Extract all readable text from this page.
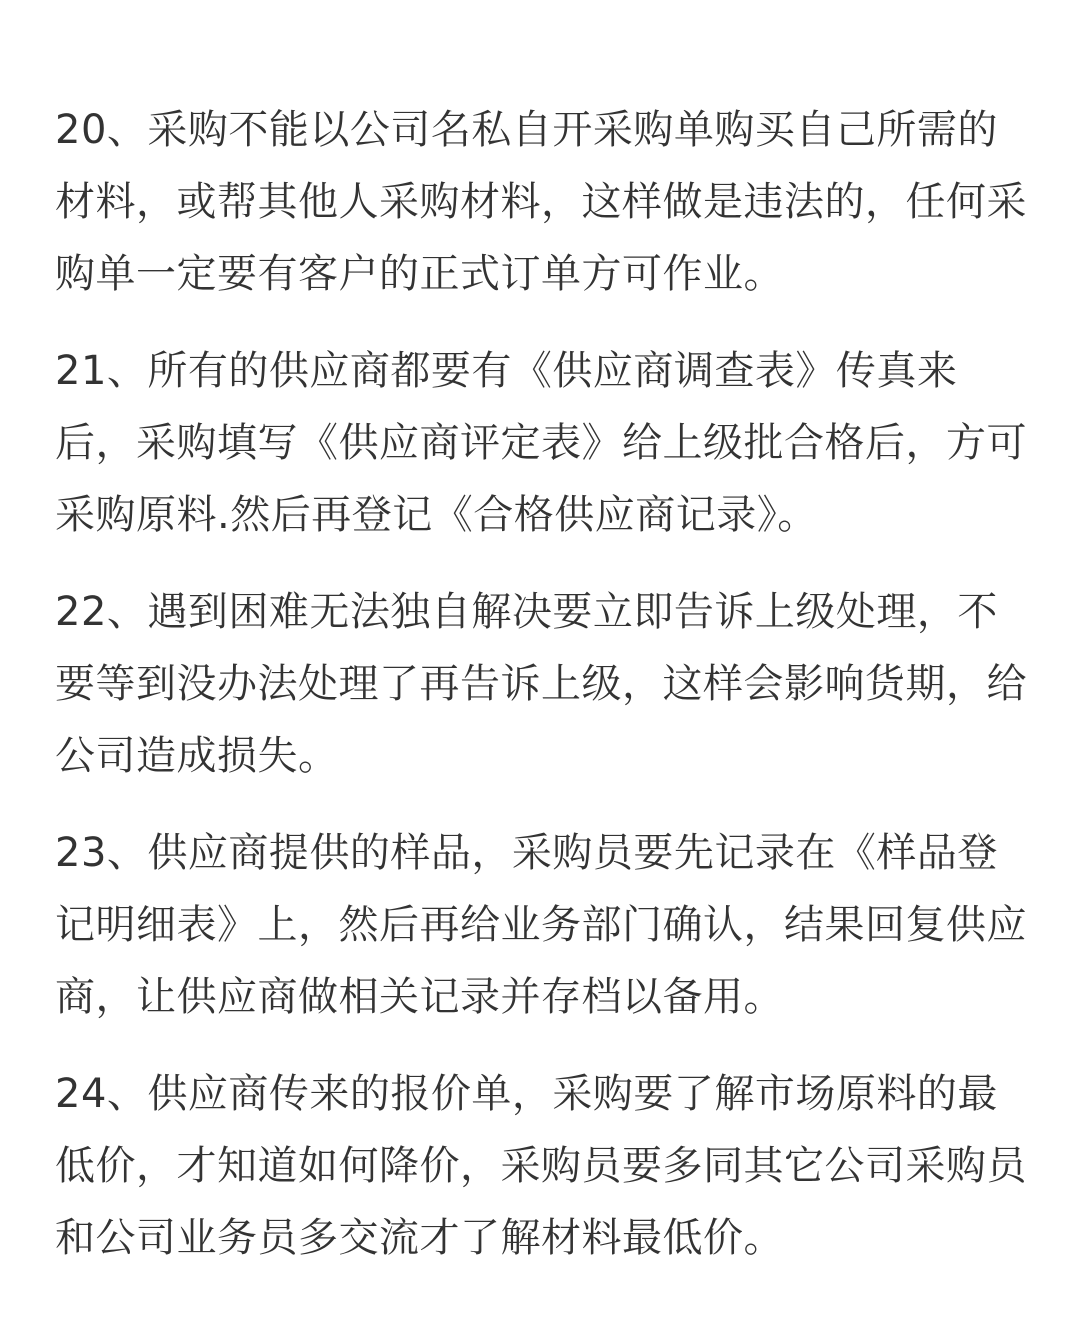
20、采购不能以公司名私自开采购单购买自己所需的
材料，或帮其他人采购材料，这样做是违法的，任何采
购单一定要有客户的正式订单方可作业。
21、所有的供应商都要有《供应商调查表》传真来
后，采购填写《供应商评定表》给上级批合格后，方可
采购原料.然后再登记《合格供应商记录》。
22、遇到困难无法独自解决要立即告诉上级处理，不
要等到没办法处理了再告诉上级，这样会影响货期，给
公司造成损失。
23、供应商提供的样品，采购员要先记录在《样品登
记明细表》上，然后再给业务部门确认，结果回复供应
商，让供应商做相关记录并存档以备用。
24、供应商传来的报价单，采购要了解市场原料的最
低价，才知道如何降价，采购员要多同其它公司采购员
和公司业务员多交流才了解材料最低价。
